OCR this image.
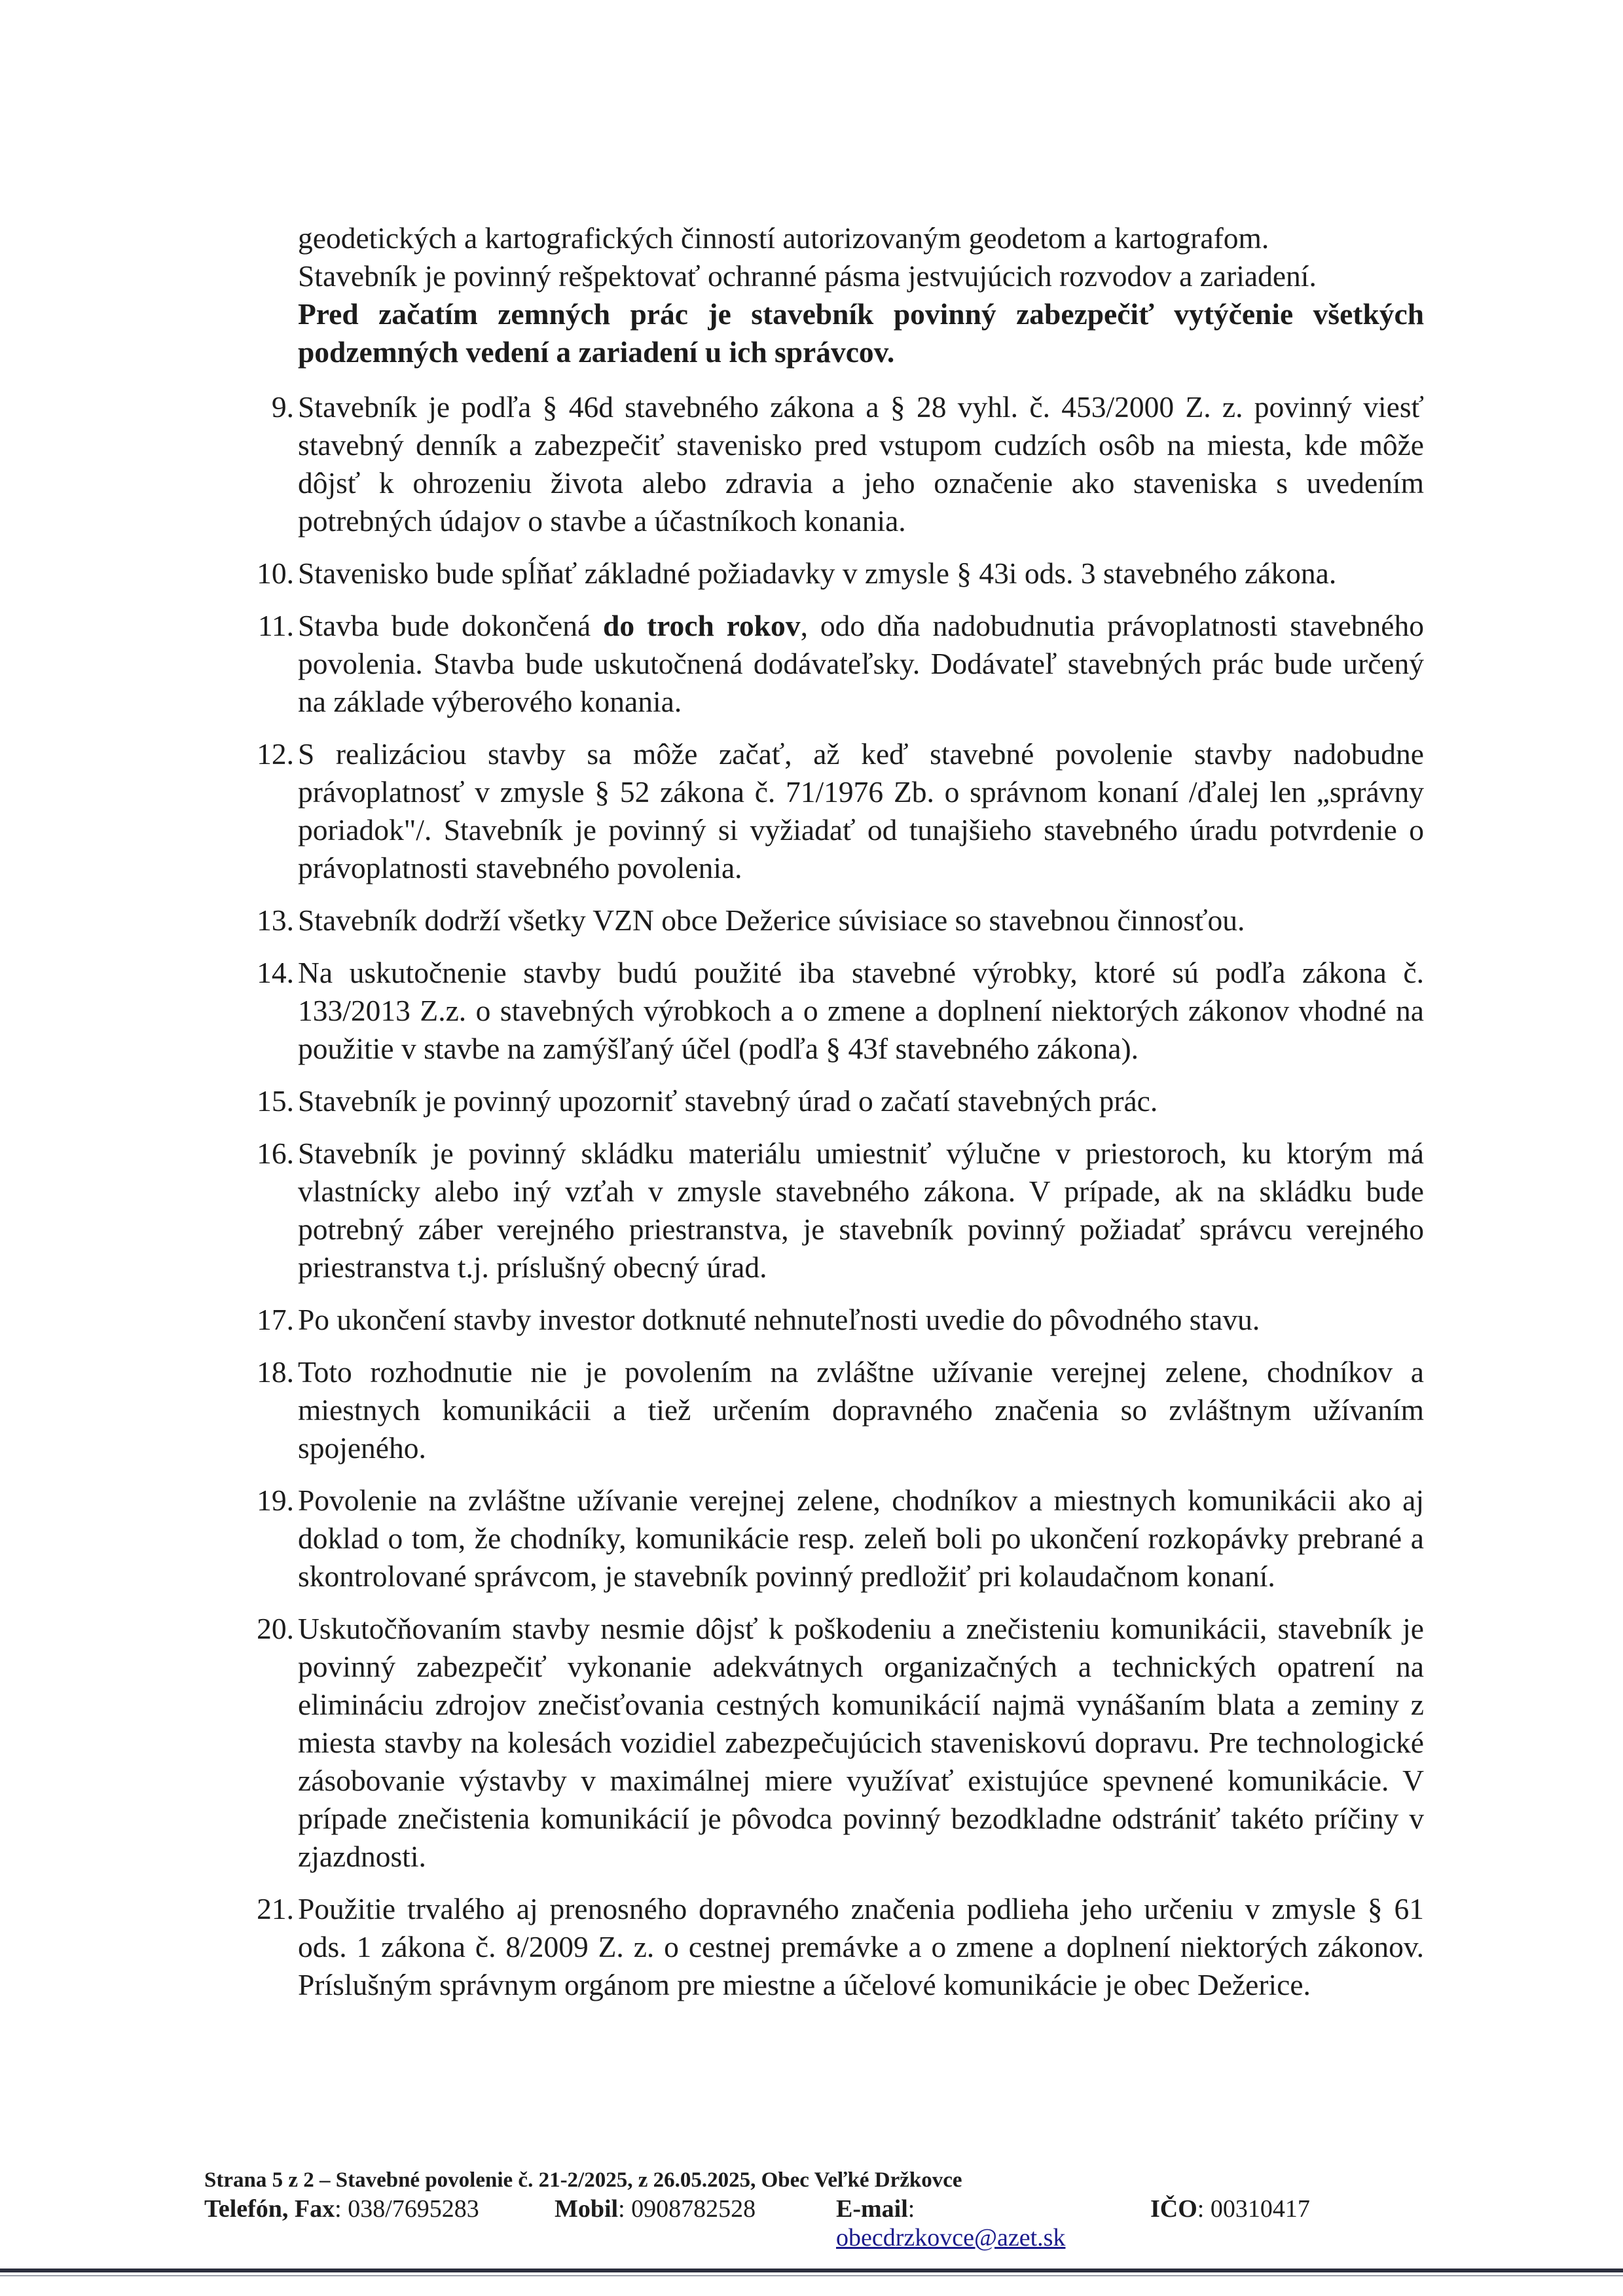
geodetických a kartografických činností autorizovaným geodetom a kartografom.

Stavebník je povinný rešpektovať ochranné pásma jestvujúcich rozvodov a zariadení.

Pred začatím zemných prác je stavebník povinný zabezpečiť vytýčenie všetkých podzemných vedení a zariadení u ich správcov.

9. Stavebník je podľa § 46d stavebného zákona a § 28 vyhl. č. 453/2000 Z. z. povinný viesť stavebný denník a zabezpečiť stavenisko pred vstupom cudzích osôb na miesta, kde môže dôjsť k ohrozeniu života alebo zdravia a jeho označenie ako staveniska s uvedením potrebných údajov o stavbe a účastníkoch konania.
10. Stavenisko bude spĺňať základné požiadavky v zmysle § 43i ods. 3 stavebného zákona.
11. Stavba bude dokončená do troch rokov, odo dňa nadobudnutia právoplatnosti stavebného povolenia. Stavba bude uskutočnená dodávateľsky. Dodávateľ stavebných prác bude určený na základe výberového konania.
12. S realizáciou stavby sa môže začať, až keď stavebné povolenie stavby nadobudne právoplatnosť v zmysle § 52 zákona č. 71/1976 Zb. o správnom konaní /ďalej len „správny poriadok"/. Stavebník je povinný si vyžiadať od tunajšieho stavebného úradu potvrdenie o právoplatnosti stavebného povolenia.
13. Stavebník dodrží všetky VZN obce Dežerice súvisiace so stavebnou činnosťou.
14. Na uskutočnenie stavby budú použité iba stavebné výrobky, ktoré sú podľa zákona č. 133/2013 Z.z. o stavebných výrobkoch a o zmene a doplnení niektorých zákonov vhodné na použitie v stavbe na zamýšľaný účel (podľa § 43f stavebného zákona).
15. Stavebník je povinný upozorniť stavebný úrad o začatí stavebných prác.
16. Stavebník je povinný skládku materiálu umiestniť výlučne v priestoroch, ku ktorým má vlastnícky alebo iný vzťah v zmysle stavebného zákona. V prípade, ak na skládku bude potrebný záber verejného priestranstva, je stavebník povinný požiadať správcu verejného priestranstva t.j. príslušný obecný úrad.
17. Po ukončení stavby investor dotknuté nehnuteľnosti uvedie do pôvodného stavu.
18. Toto rozhodnutie nie je povolením na zvláštne užívanie verejnej zelene, chodníkov a miestnych komunikácii a tiež určením dopravného značenia so zvláštnym užívaním spojeného.
19. Povolenie na zvláštne užívanie verejnej zelene, chodníkov a miestnych komunikácii ako aj doklad o tom, že chodníky, komunikácie resp. zeleň boli po ukončení rozkopávky prebrané a skontrolované správcom, je stavebník povinný predložiť pri kolaudačnom konaní.
20. Uskutočňovaním stavby nesmie dôjsť k poškodeniu a znečisteniu komunikácii, stavebník je povinný zabezpečiť vykonanie adekvátnych organizačných a technických opatrení na elimináciu zdrojov znečisťovania cestných komunikácií najmä vynášaním blata a zeminy z miesta stavby na kolesách vozidiel zabezpečujúcich staveniskovú dopravu. Pre technologické zásobovanie výstavby v maximálnej miere využívať existujúce spevnené komunikácie. V prípade znečistenia komunikácií je pôvodca povinný bezodkladne odstrániť takéto príčiny v zjazdnosti.
21. Použitie trvalého aj prenosného dopravného značenia podlieha jeho určeniu v zmysle § 61 ods. 1 zákona č. 8/2009 Z. z. o cestnej premávke a o zmene a doplnení niektorých zákonov. Príslušným správnym orgánom pre miestne a účelové komunikácie je obec Dežerice.
Strana 5 z 2 – Stavebné povolenie č. 21-2/2025, z 26.05.2025, Obec Veľké Držkovce
Telefón, Fax: 038/7695283	Mobil: 0908782528	E-mail: obecdrzkovce@azet.sk
IČO: 00310417
